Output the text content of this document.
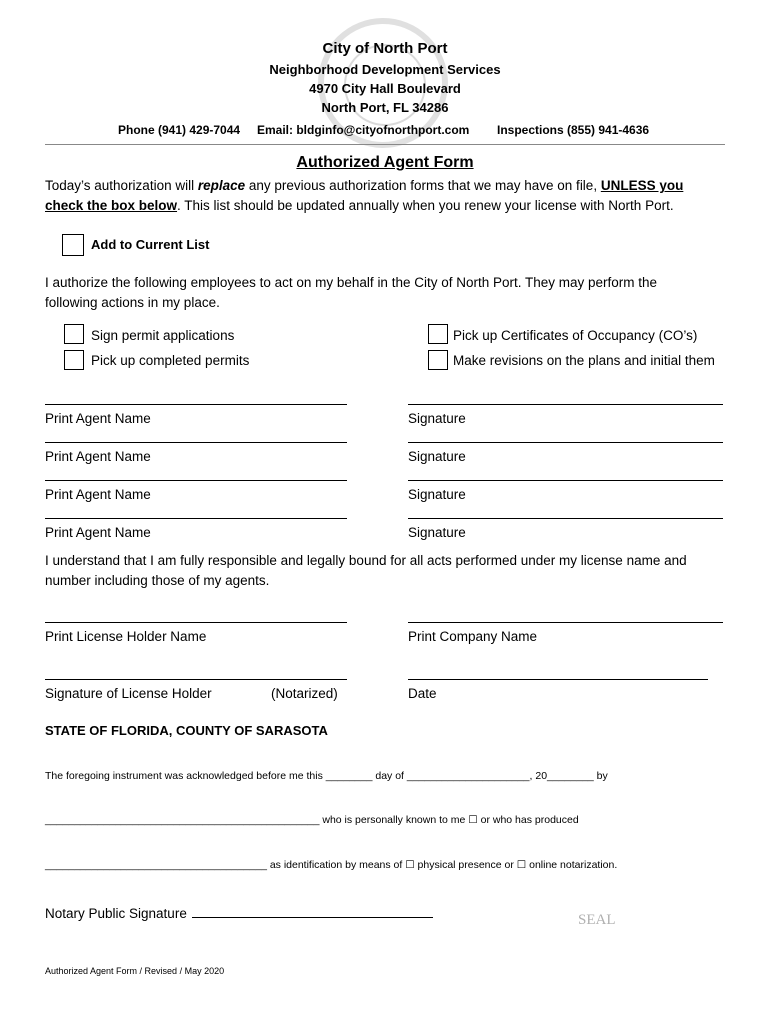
City of North Port
Neighborhood Development Services
4970 City Hall Boulevard
North Port, FL 34286
Phone (941) 429-7044 Email: bldginfo@cityofnorthport.com Inspections (855) 941-4636
Authorized Agent Form
Today’s authorization will replace any previous authorization forms that we may have on file, UNLESS you
check the box below. This list should be updated annually when you renew your license with North Port.
Add to Current List
I authorize the following employees to act on my behalf in the City of North Port. They may perform the
following actions in my place.
Sign permit applications
Pick up completed permits
Pick up Certificates of Occupancy (CO’s)
Make revisions on the plans and initial them
Print Agent Name	Signature
Print Agent Name	Signature
Print Agent Name	Signature
Print Agent Name	Signature
I understand that I am fully responsible and legally bound for all acts performed under my license name and
number including those of my agents.
Print License Holder Name	Print Company Name
Signature of License Holder	(Notarized)	Date
STATE OF FLORIDA, COUNTY OF SARASOTA
The foregoing instrument was acknowledged before me this ________ day of _____________________, 20________ by
_______________________________________________ who is personally known to me ☐ or who has produced
______________________________________ as identification by means of ☐ physical presence or ☐ online notarization.
Notary Public Signature	SEAL
Authorized Agent Form / Revised / May 2020
